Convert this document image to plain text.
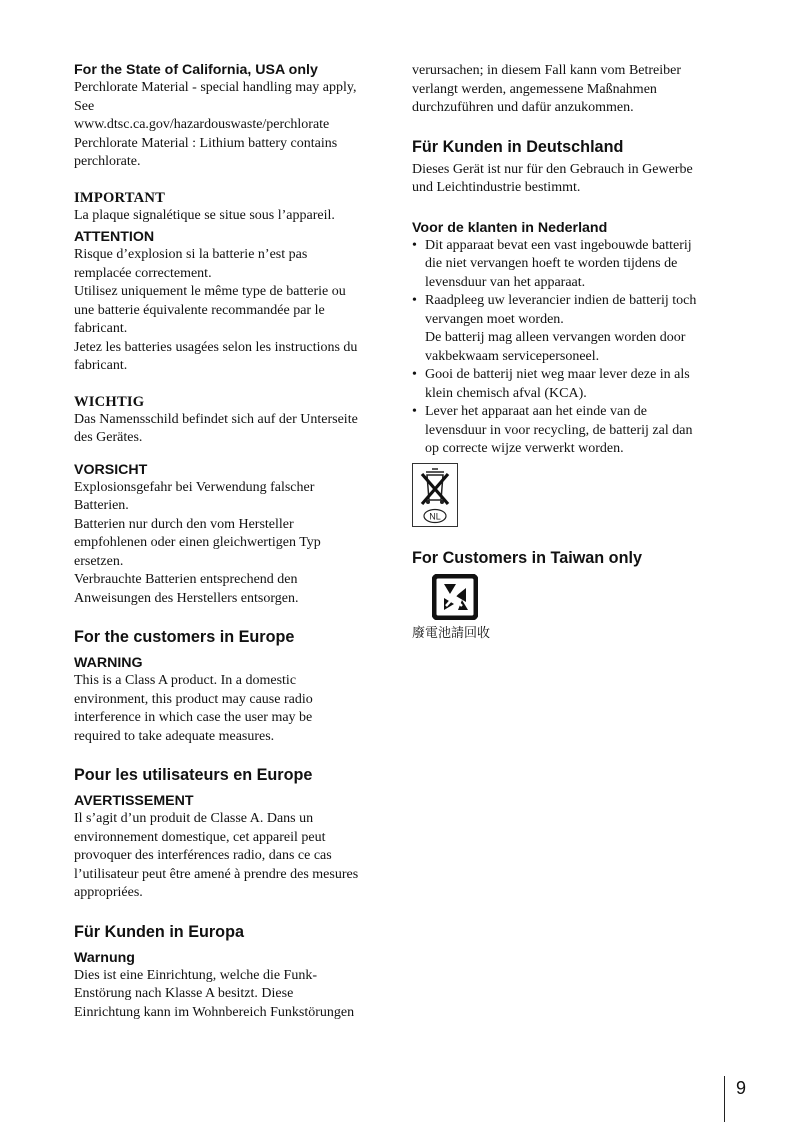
For the State of California, USA only

Perchlorate Material - special handling may apply,
See
www.dtsc.ca.gov/hazardouswaste/perchlorate
Perchlorate Material : Lithium battery contains
perchlorate.

IMPORTANT

La plaque signalétique se situe sous l’appareil.

ATTENTION

Risque d’explosion si la batterie n’est pas
remplacée correctement.
Utilisez uniquement le même type de batterie ou
une batterie équivalente recommandée par le
fabricant.
Jetez les batteries usagées selon les instructions du
fabricant.

WICHTIG

Das Namensschild befindet sich auf der Unterseite
des Gerätes.

VORSICHT

Explosionsgefahr bei Verwendung falscher
Batterien.
Batterien nur durch den vom Hersteller
empfohlenen oder einen gleichwertigen Typ
ersetzen.
Verbrauchte Batterien entsprechend den
Anweisungen des Herstellers entsorgen.

For the customers in Europe

WARNING

This is a Class A product. In a domestic
environment, this product may cause radio
interference in which case the user may be
required to take adequate measures.

Pour les utilisateurs en Europe

AVERTISSEMENT

Il s’agit d’un produit de Classe A. Dans un
environnement domestique, cet appareil peut
provoquer des interférences radio, dans ce cas
l’utilisateur peut être amené à prendre des mesures
appropriées.

Für Kunden in Europa

Warnung

Dies ist eine Einrichtung, welche die Funk-
Enstörung nach Klasse A besitzt. Diese
Einrichtung kann im Wohnbereich Funkstörungen

verursachen; in diesem Fall kann vom Betreiber
verlangt werden, angemessene Maßnahmen
durchzuführen und dafür anzukommen.

Für Kunden in Deutschland

Dieses Gerät ist nur für den Gebrauch in Gewerbe
und Leichtindustrie bestimmt.

Voor de klanten in Nederland

• Dit apparaat bevat een vast ingebouwde batterij
die niet vervangen hoeft te worden tijdens de
levensduur van het apparaat.
• Raadpleeg uw leverancier indien de batterij toch
vervangen moet worden.
De batterij mag alleen vervangen worden door
vakbekwaam servicepersoneel.
• Gooi de batterij niet weg maar lever deze in als
klein chemisch afval (KCA).
• Lever het apparaat aan het einde van de
levensduur in voor recycling, de batterij zal dan
op correcte wijze verwerkt worden.
NL

For Customers in Taiwan only

廢電池請回收

9
